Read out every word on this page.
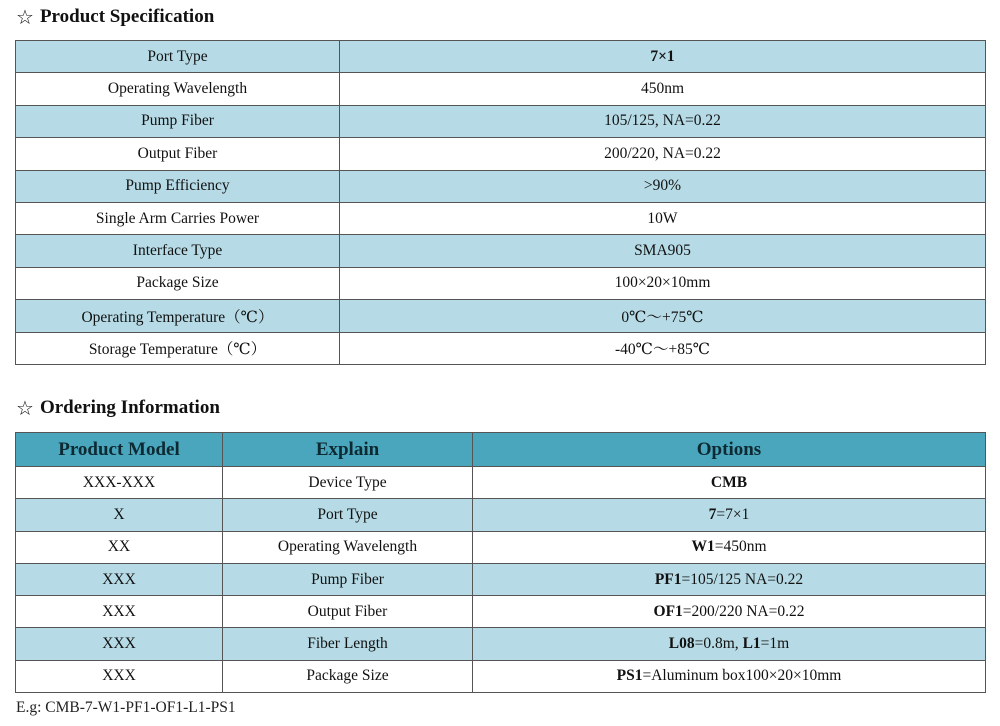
☆ Product Specification
Port Type	7×1
Operating Wavelength	450nm
Pump Fiber	105/125, NA=0.22
Output Fiber	200/220, NA=0.22
Pump Efficiency	>90%
Single Arm Carries Power	10W
Interface Type	SMA905
Package Size	100×20×10mm
Operating Temperature（℃）	0℃～+75℃
Storage Temperature（℃）	-40℃～+85℃
☆ Ordering Information
Product Model	Explain	Options
XXX-XXX	Device Type	CMB
X	Port Type	7=7×1
XX	Operating Wavelength	W1=450nm
XXX	Pump Fiber	PF1=105/125 NA=0.22
XXX	Output Fiber	OF1=200/220 NA=0.22
XXX	Fiber Length	L08=0.8m, L1=1m
XXX	Package Size	PS1=Aluminum box100×20×10mm
E.g: CMB-7-W1-PF1-OF1-L1-PS1
